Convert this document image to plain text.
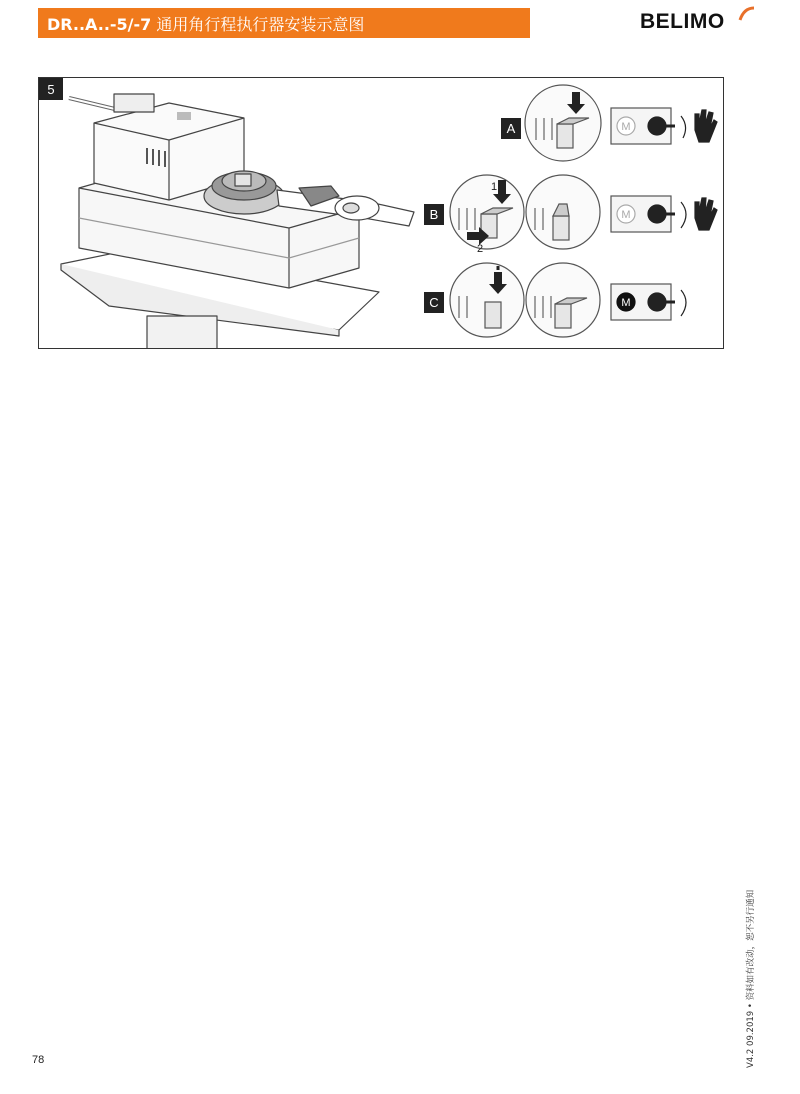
DR..A..-5/-7 通用角行程执行器安装示意图	BELIMO
5
M
M
M
1
2
A
B
C
78	V4.2 09.2019 • 资料如有改动，恕不另行通知
